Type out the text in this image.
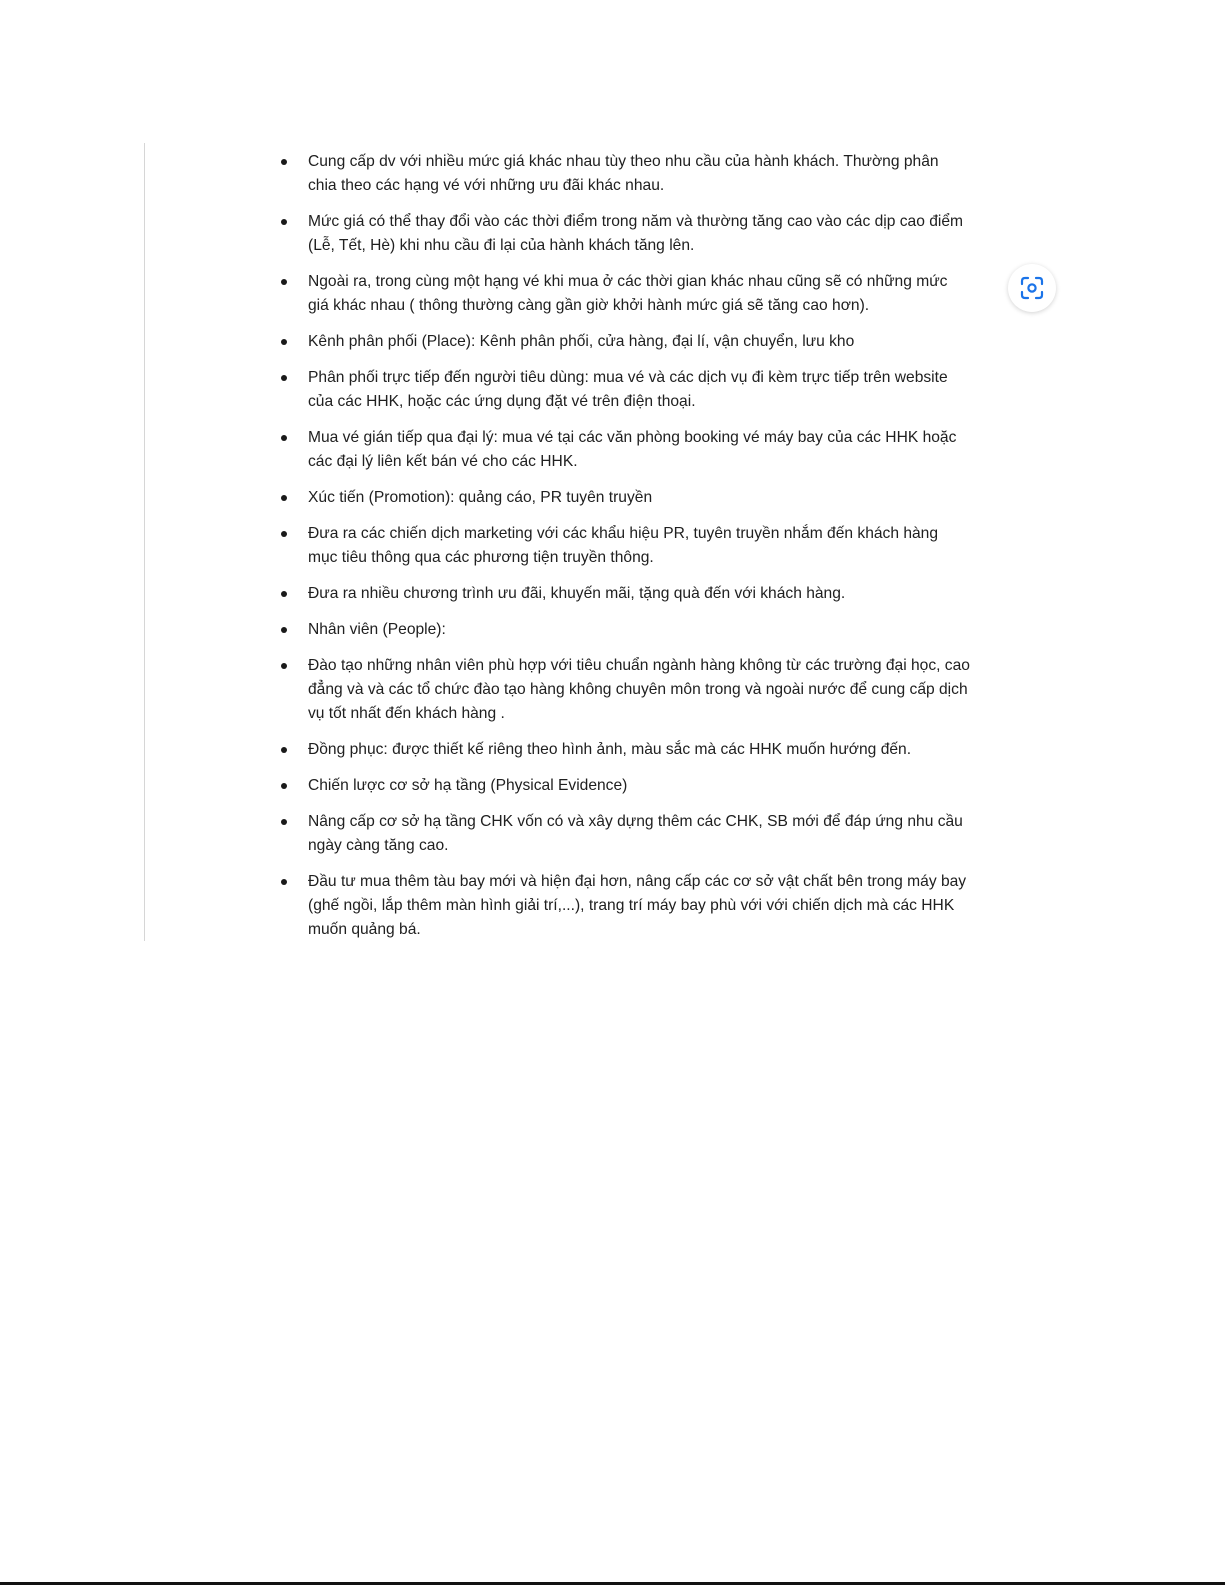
Cung cấp dv với nhiều mức giá khác nhau tùy theo nhu cầu của hành khách. Thường phân chia theo các hạng vé với những ưu đãi khác nhau.
Mức giá có thể thay đổi vào các thời điểm trong năm và thường tăng cao vào các dịp cao điểm (Lễ, Tết, Hè) khi nhu cầu đi lại của hành khách tăng lên.
Ngoài ra, trong cùng một hạng vé khi mua ở các thời gian khác nhau cũng sẽ có những mức giá khác nhau ( thông thường càng gần giờ khởi hành mức giá sẽ tăng cao hơn).
Kênh phân phối (Place): Kênh phân phối, cửa hàng, đại lí, vận chuyển, lưu kho
Phân phối trực tiếp đến người tiêu dùng: mua vé và các dịch vụ đi kèm trực tiếp trên website của các HHK, hoặc các ứng dụng đặt vé trên điện thoại.
Mua vé gián tiếp qua đại lý: mua vé tại các văn phòng booking vé máy bay của các HHK hoặc các đại lý liên kết bán vé cho các HHK.
Xúc tiến (Promotion): quảng cáo, PR tuyên truyền
Đưa ra các chiến dịch marketing với các khẩu hiệu PR, tuyên truyền nhắm đến khách hàng mục tiêu thông qua các phương tiện truyền thông.
Đưa ra nhiều chương trình ưu đãi, khuyến mãi, tặng quà đến với khách hàng.
Nhân viên (People):
Đào tạo những nhân viên phù hợp với tiêu chuẩn ngành hàng không từ các trường đại học, cao đẳng và và các tổ chức đào tạo hàng không chuyên môn trong và ngoài nước để cung cấp dịch vụ tốt nhất đến khách hàng .
Đồng phục: được thiết kế riêng theo hình ảnh, màu sắc mà các HHK muốn hướng đến.
Chiến lược cơ sở hạ tầng (Physical Evidence)
Nâng cấp cơ sở hạ tầng CHK vốn có và xây dựng thêm các CHK, SB mới để đáp ứng nhu cầu ngày càng tăng cao.
Đầu tư mua thêm tàu bay mới và hiện đại hơn, nâng cấp các cơ sở vật chất bên trong máy bay (ghế ngồi, lắp thêm màn hình giải trí,...), trang trí máy bay phù với với chiến dịch mà các HHK muốn quảng bá.
